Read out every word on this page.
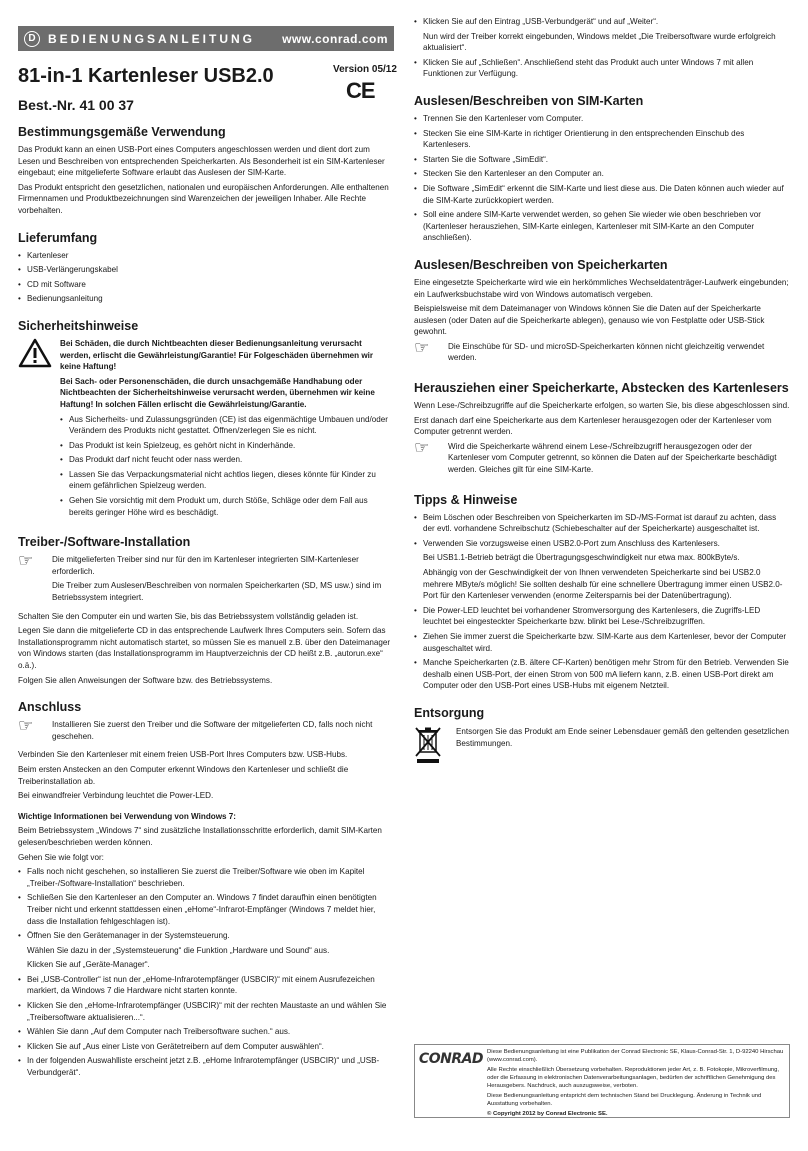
D	BEDIENUNGSANLEITUNG www.conrad.com
81-in-1 Kartenleser USB2.0
Best.-Nr. 41 00 37
Bestimmungsgemäße Verwendung

Das Produkt kann an einen USB-Port eines Computers angeschlossen werden und dient dort zum Lesen und Beschreiben von entsprechenden Speicherkarten. Als Besonderheit ist ein SIM-Kartenleser eingebaut; eine mitgelieferte Software erlaubt das Auslesen der SIM-Karte.

Das Produkt entspricht den gesetzlichen, nationalen und europäischen Anforderungen. Alle enthaltenen Firmennamen und Produktbezeichnungen sind Warenzeichen der jeweiligen Inhaber. Alle Rechte vorbehalten.

Lieferumfang
• Kartenleser
• USB-Verlängerungskabel
• CD mit Software
• Bedienungsanleitung
Sicherheitshinweise

Bei Schäden, die durch Nichtbeachten dieser Bedienungsanleitung verursacht werden, erlischt die Gewährleistung/Garantie! Für Folgeschäden übernehmen wir keine Haftung!

Bei Sach- oder Personenschäden, die durch unsachgemäße Handhabung oder Nichtbeachten der Sicherheitshinweise verursacht werden, übernehmen wir keine Haftung! In solchen Fällen erlischt die Gewährleistung/Garantie.

• Aus Sicherheits- und Zulassungsgründen (CE) ist das eigenmächtige Umbauen und/oder Verändern des Produkts nicht gestattet. Öffnen/zerlegen Sie es nicht.
• Das Produkt ist kein Spielzeug, es gehört nicht in Kinderhände.
• Das Produkt darf nicht feucht oder nass werden.
• Lassen Sie das Verpackungsmaterial nicht achtlos liegen, dieses könnte für Kinder zu einem gefährlichen Spielzeug werden.
• Gehen Sie vorsichtig mit dem Produkt um, durch Stöße, Schläge oder dem Fall aus bereits geringer Höhe wird es beschädigt.
Treiber-/Software-Installation
☞	Die mitgelieferten Treiber sind nur für den im Kartenleser integrierten SIM-Kartenleser erforderlich.

Die Treiber zum Auslesen/Beschreiben von normalen Speicherkarten (SD, MS usw.) sind im Betriebssystem integriert.

Schalten Sie den Computer ein und warten Sie, bis das Betriebssystem vollständig geladen ist.

Legen Sie dann die mitgelieferte CD in das entsprechende Laufwerk Ihres Computers sein. Sofern das Installationsprogramm nicht automatisch startet, so müssen Sie es manuell z.B. über den Dateimanager von Windows starten (das Installationsprogramm im Hauptverzeichnis der CD heißt z.B. „autorun.exe“ o.ä.).

Folgen Sie allen Anweisungen der Software bzw. des Betriebssystems.

Anschluss
☞	Installieren Sie zuerst den Treiber und die Software der mitgelieferten CD, falls noch nicht geschehen.

Verbinden Sie den Kartenleser mit einem freien USB-Port Ihres Computers bzw. USB-Hubs.

Beim ersten Anstecken an den Computer erkennt Windows den Kartenleser und schließt die Treiberinstallation ab.

Bei einwandfreier Verbindung leuchtet die Power-LED.

Wichtige Informationen bei Verwendung von Windows 7:

Beim Betriebssystem „Windows 7“ sind zusätzliche Installationsschritte erforderlich, damit SIM-Karten gelesen/beschrieben werden können.

Gehen Sie wie folgt vor:

• Falls noch nicht geschehen, so installieren Sie zuerst die Treiber/Software wie oben im Kapitel „Treiber-/Software-Installation“ beschrieben.
• Schließen Sie den Kartenleser an den Computer an. Windows 7 findet daraufhin einen benötigten Treiber nicht und erkennt stattdessen einen „eHome“-Infrarot-Empfänger (Windows 7 meldet hier, dass die Installation fehlgeschlagen ist).
• Öffnen Sie den Gerätemanager in der Systemsteuerung.
Wählen Sie dazu in der „Systemsteuerung“ die Funktion „Hardware und Sound“ aus.
Klicken Sie auf „Geräte-Manager“.
• Bei „USB-Controller“ ist nun der „eHome-Infrarotempfänger (USBCIR)“ mit einem Ausrufezeichen markiert, da Windows 7 die Hardware nicht starten konnte.
• Klicken Sie den „eHome-Infrarotempfänger (USBCIR)“ mit der rechten Maustaste an und wählen Sie „Treibersoftware aktualisieren...“.
• Wählen Sie dann „Auf dem Computer nach Treibersoftware suchen.“ aus.
• Klicken Sie auf „Aus einer Liste von Gerätetreibern auf dem Computer auswählen“.
• In der folgenden Auswahlliste erscheint jetzt z.B. „eHome Infrarotempfänger (USBCIR)“ und „USB-Verbundgerät“.
Version 05/12
CE
• Klicken Sie auf den Eintrag „USB-Verbundgerät“ und auf „Weiter“.
Nun wird der Treiber korrekt eingebunden, Windows meldet „Die Treibersoftware wurde erfolgreich aktualisiert“.
• Klicken Sie auf „Schließen“. Anschließend steht das Produkt auch unter Windows 7 mit allen Funktionen zur Verfügung.
Auslesen/Beschreiben von SIM-Karten
• Trennen Sie den Kartenleser vom Computer.
• Stecken Sie eine SIM-Karte in richtiger Orientierung in den entsprechenden Einschub des Kartenlesers.
• Starten Sie die Software „SimEdit“.
• Stecken Sie den Kartenleser an den Computer an.
• Die Software „SimEdit“ erkennt die SIM-Karte und liest diese aus. Die Daten können auch wieder auf die SIM-Karte zurückkopiert werden.
• Soll eine andere SIM-Karte verwendet werden, so gehen Sie wieder wie oben beschrieben vor (Kartenleser herausziehen, SIM-Karte einlegen, Kartenleser mit SIM-Karte an den Computer anschließen).
Auslesen/Beschreiben von Speicherkarten

Eine eingesetzte Speicherkarte wird wie ein herkömmliches Wechseldatenträger-Laufwerk eingebunden; ein Laufwerksbuchstabe wird von Windows automatisch vergeben.

Beispielsweise mit dem Dateimanager von Windows können Sie die Daten auf der Speicherkarte auslesen (oder Daten auf die Speicherkarte ablegen), genauso wie von Festplatte oder USB-Stick gewohnt.

☞	Die Einschübe für SD- und microSD-Speicherkarten können nicht gleichzeitig verwendet werden.

Herausziehen einer Speicherkarte, Abstecken des Kartenlesers

Wenn Lese-/Schreibzugriffe auf die Speicherkarte erfolgen, so warten Sie, bis diese abgeschlossen sind.

Erst danach darf eine Speicherkarte aus dem Kartenleser herausgezogen oder der Kartenleser vom Computer getrennt werden.

☞	Wird die Speicherkarte während einem Lese-/Schreibzugriff herausgezogen oder der Kartenleser vom Computer getrennt, so können die Daten auf der Speicherkarte beschädigt werden. Gleiches gilt für eine SIM-Karte.

Tipps & Hinweise
• Beim Löschen oder Beschreiben von Speicherkarten im SD-/MS-Format ist darauf zu achten, dass der evtl. vorhandene Schreibschutz (Schiebeschalter auf der Speicherkarte) ausgeschaltet ist.
• Verwenden Sie vorzugsweise einen USB2.0-Port zum Anschluss des Kartenlesers.
Bei USB1.1-Betrieb beträgt die Übertragungsgeschwindigkeit nur etwa max. 800kByte/s.
Abhängig von der Geschwindigkeit der von Ihnen verwendeten Speicherkarte sind bei USB2.0 mehrere MByte/s möglich! Sie sollten deshalb für eine schnellere Übertragung immer einen USB2.0-Port für den Kartenleser verwenden (enorme Zeitersparnis bei der Datenübertragung).
• Die Power-LED leuchtet bei vorhandener Stromversorgung des Kartenlesers, die Zugriffs-LED leuchtet bei eingesteckter Speicherkarte bzw. blinkt bei Lese-/Schreibzugriffen.
• Ziehen Sie immer zuerst die Speicherkarte bzw. SIM-Karte aus dem Kartenleser, bevor der Computer ausgeschaltet wird.
• Manche Speicherkarten (z.B. ältere CF-Karten) benötigen mehr Strom für den Betrieb. Verwenden Sie deshalb einen USB-Port, der einen Strom von 500 mA liefern kann, z.B. einen USB-Port direkt am Computer oder den USB-Port eines USB-Hubs mit eigenem Netzteil.
Entsorgung

Entsorgen Sie das Produkt am Ende seiner Lebensdauer gemäß den geltenden gesetzlichen Bestimmungen.

CONRAD Diese Bedienungsanleitung ist eine Publikation der Conrad Electronic SE, Klaus-Conrad-Str. 1, D-92240 Hirschau (www.conrad.com).

Alle Rechte einschließlich Übersetzung vorbehalten. Reproduktionen jeder Art, z. B. Fotokopie, Mikroverfilmung, oder die Erfassung in elektronischen Datenverarbeitungsanlagen, bedürfen der schriftlichen Genehmigung des Herausgebers. Nachdruck, auch auszugsweise, verboten.

Diese Bedienungsanleitung entspricht dem technischen Stand bei Drucklegung. Änderung in Technik und Ausstattung vorbehalten.

© Copyright 2012 by Conrad Electronic SE.
